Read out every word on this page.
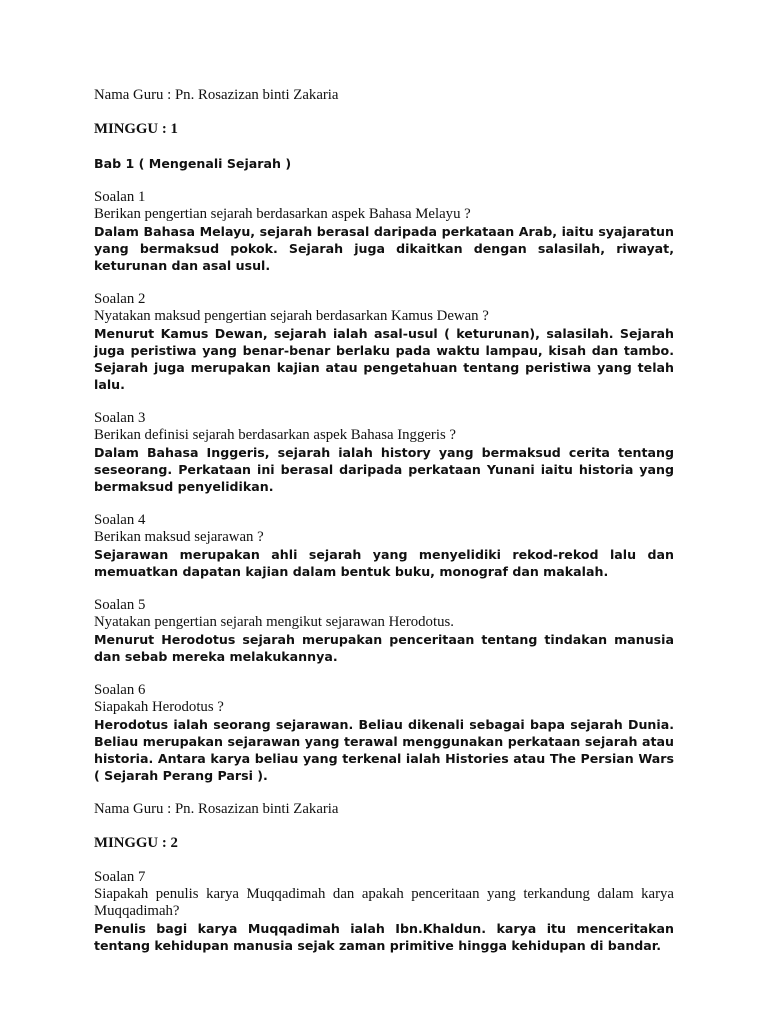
Nama Guru : Pn. Rosazizan binti Zakaria

MINGGU : 1

Bab 1 ( Mengenali Sejarah )

Soalan 1

Berikan pengertian sejarah berdasarkan aspek Bahasa Melayu ?

Dalam Bahasa Melayu, sejarah berasal daripada perkataan Arab, iaitu syajaratun yang bermaksud pokok. Sejarah juga dikaitkan dengan salasilah, riwayat, keturunan dan asal usul.

Soalan 2

Nyatakan maksud pengertian sejarah berdasarkan Kamus Dewan ?

Menurut Kamus Dewan, sejarah ialah asal-usul ( keturunan), salasilah. Sejarah juga peristiwa yang benar-benar berlaku pada waktu lampau, kisah dan tambo. Sejarah juga merupakan kajian atau pengetahuan tentang peristiwa yang telah lalu.

Soalan 3

Berikan definisi sejarah berdasarkan aspek Bahasa Inggeris ?

Dalam Bahasa Inggeris, sejarah ialah history yang bermaksud cerita tentang seseorang. Perkataan ini berasal daripada perkataan Yunani iaitu historia yang bermaksud penyelidikan.

Soalan 4

Berikan maksud sejarawan ?

Sejarawan merupakan ahli sejarah yang menyelidiki rekod-rekod lalu dan memuatkan dapatan kajian dalam bentuk buku, monograf dan makalah.

Soalan 5

Nyatakan pengertian sejarah mengikut sejarawan Herodotus.

Menurut Herodotus sejarah merupakan penceritaan tentang tindakan manusia dan sebab mereka melakukannya.

Soalan 6

Siapakah Herodotus ?

Herodotus ialah seorang sejarawan. Beliau dikenali sebagai bapa sejarah Dunia. Beliau merupakan sejarawan yang terawal menggunakan perkataan sejarah atau historia. Antara karya beliau yang terkenal ialah Histories atau The Persian Wars ( Sejarah Perang Parsi ).

Nama Guru : Pn. Rosazizan binti Zakaria

MINGGU : 2

Soalan 7

Siapakah penulis karya Muqqadimah dan apakah penceritaan yang terkandung dalam karya Muqqadimah?

Penulis bagi karya Muqqadimah ialah Ibn.Khaldun. karya itu menceritakan tentang kehidupan manusia sejak zaman primitive hingga kehidupan di bandar.
